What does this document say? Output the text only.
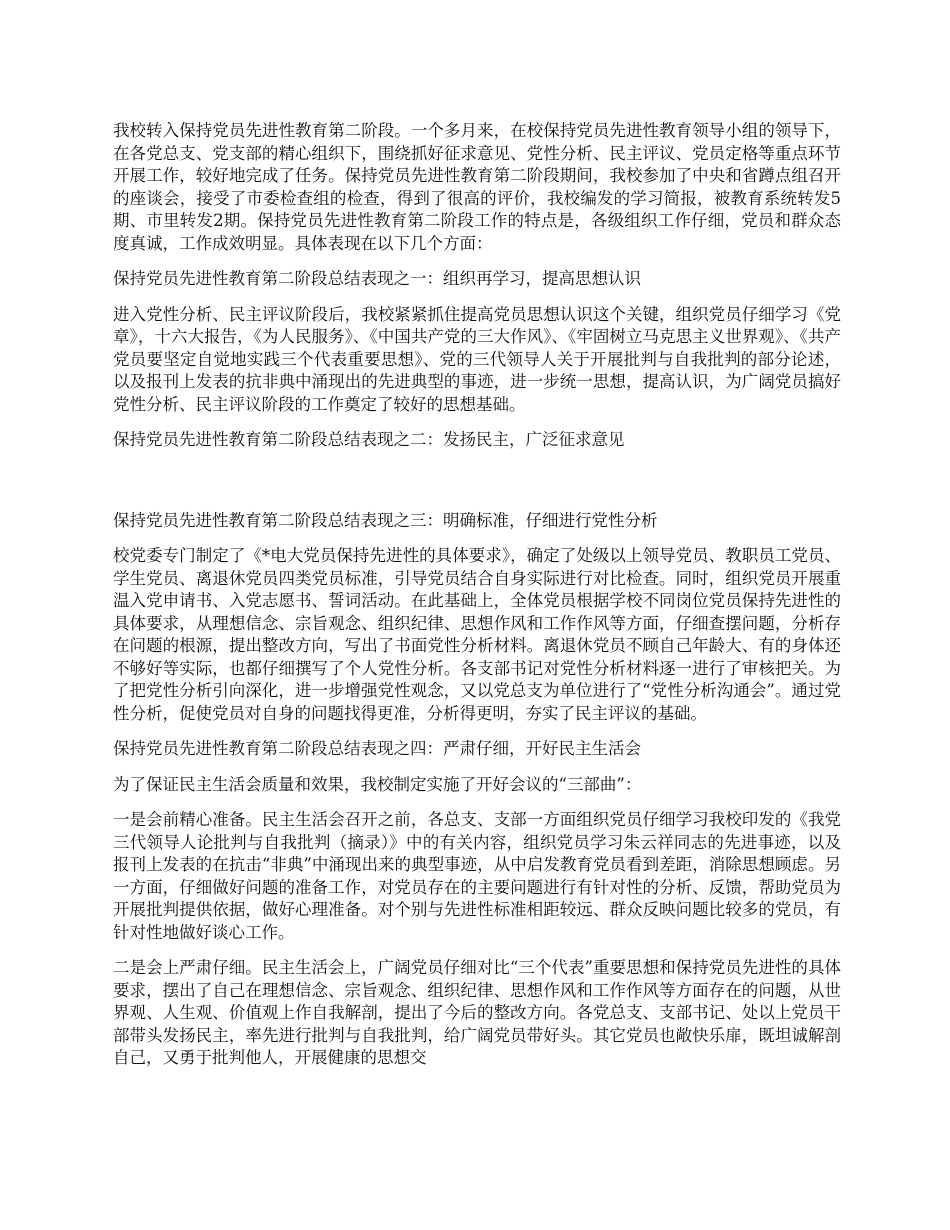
我校转入保持党员先进性教育第二阶段。一个多月来，在校保持党员先进性教育领导小组的领导下，在各党总支、党支部的精心组织下，围绕抓好征求意见、党性分析、民主评议、党员定格等重点环节开展工作，较好地完成了任务。保持党员先进性教育第二阶段期间，我校参加了中央和省蹲点组召开的座谈会，接受了市委检查组的检查，得到了很高的评价，我校编发的学习简报，被教育系统转发5期、市里转发2期。保持党员先进性教育第二阶段工作的特点是，各级组织工作仔细，党员和群众态度真诚，工作成效明显。具体表现在以下几个方面：

保持党员先进性教育第二阶段总结表现之一：组织再学习，提高思想认识

进入党性分析、民主评议阶段后，我校紧紧抓住提高党员思想认识这个关键，组织党员仔细学习《党章》，十六大报告，《为人民服务》、《中国共产党的三大作风》、《牢固树立马克思主义世界观》、《共产党员要坚定自觉地实践三个代表重要思想》、党的三代领导人关于开展批判与自我批判的部分论述，以及报刊上发表的抗非典中涌现出的先进典型的事迹，进一步统一思想，提高认识，为广阔党员搞好党性分析、民主评议阶段的工作奠定了较好的思想基础。

保持党员先进性教育第二阶段总结表现之二：发扬民主，广泛征求意见

保持党员先进性教育第二阶段总结表现之三：明确标准，仔细进行党性分析

校党委专门制定了《*电大党员保持先进性的具体要求》，确定了处级以上领导党员、教职员工党员、学生党员、离退休党员四类党员标准，引导党员结合自身实际进行对比检查。同时，组织党员开展重温入党申请书、入党志愿书、誓词活动。在此基础上，全体党员根据学校不同岗位党员保持先进性的具体要求，从理想信念、宗旨观念、组织纪律、思想作风和工作作风等方面，仔细查摆问题，分析存在问题的根源，提出整改方向，写出了书面党性分析材料。离退休党员不顾自己年龄大、有的身体还不够好等实际，也都仔细撰写了个人党性分析。各支部书记对党性分析材料逐一进行了审核把关。为了把党性分析引向深化，进一步增强党性观念，又以党总支为单位进行了“党性分析沟通会”。通过党性分析，促使党员对自身的问题找得更准，分析得更明，夯实了民主评议的基础。

保持党员先进性教育第二阶段总结表现之四：严肃仔细，开好民主生活会

为了保证民主生活会质量和效果，我校制定实施了开好会议的“三部曲”：

一是会前精心准备。民主生活会召开之前，各总支、支部一方面组织党员仔细学习我校印发的《我党三代领导人论批判与自我批判（摘录）》中的有关内容，组织党员学习朱云祥同志的先进事迹，以及报刊上发表的在抗击“非典”中涌现出来的典型事迹，从中启发教育党员看到差距，消除思想顾虑。另一方面，仔细做好问题的准备工作，对党员存在的主要问题进行有针对性的分析、反馈，帮助党员为开展批判提供依据，做好心理准备。对个别与先进性标准相距较远、群众反映问题比较多的党员，有针对性地做好谈心工作。

二是会上严肃仔细。民主生活会上，广阔党员仔细对比“三个代表”重要思想和保持党员先进性的具体要求，摆出了自己在理想信念、宗旨观念、组织纪律、思想作风和工作作风等方面存在的问题，从世界观、人生观、价值观上作自我解剖，提出了今后的整改方向。各党总支、支部书记、处以上党员干部带头发扬民主，率先进行批判与自我批判，给广阔党员带好头。其它党员也敞快乐扉，既坦诚解剖自己，又勇于批判他人，开展健康的思想交
